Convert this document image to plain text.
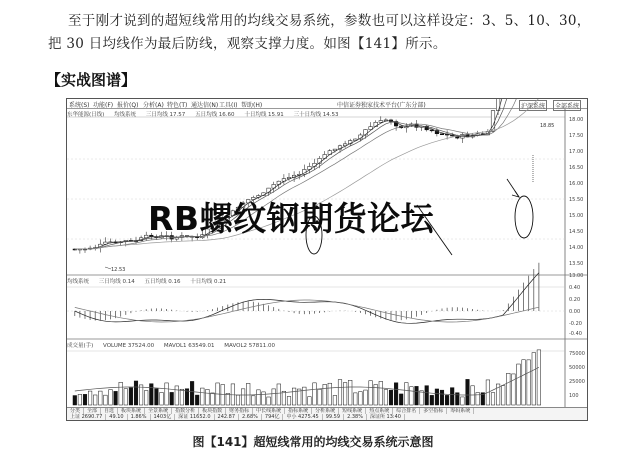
至于刚才说到的超短线常用的均线交易系统，参数也可以这样设定：3、5、10、30，
把 30 日均线作为最后防线，观察支撑力度。如图【141】所示。
【实战图谱】
系统(S) 功能(F) 报价(Q) 分析(A) 特色(T) 通达信(N) 工具(I) 帮助(H)	中信证券独家技术平台(广东分部)	沪深系统	全部系统
东华能源(日线) 均线系统 三日均线 17.57 五日均线 16.60 十日均线 15.91 三十日均线 14.53
18.00
17.50
17.00
16.50
16.00
15.50
15.00
14.50
14.00
13.50
13.00
均线系统 三日均线 0.14 五日均线 0.16 十日均线 0.21
0.40
0.20
0.00
-0.20
-0.40
成交量(手) VOLUME 37524.00 MAVOL1 63549.01 MAVOL2 57811.00
75000
50000
25000
100
18.85
12.53
分类 全部 自选 板块系统 全景系统 指数分析 板块指数 财务指标 中长线系统 指标系统 分析系统 短线系统 热点系统 综合排名 多空指标 筹码系统
上证 2690.77 49.10 1.86% 1403亿 深证 11652.0 242.87 2.68% 794亿 中小 4275.45 99.59 2.38% 深证所 13:40
RB螺纹钢期货论坛
图【141】超短线常用的均线交易系统示意图
